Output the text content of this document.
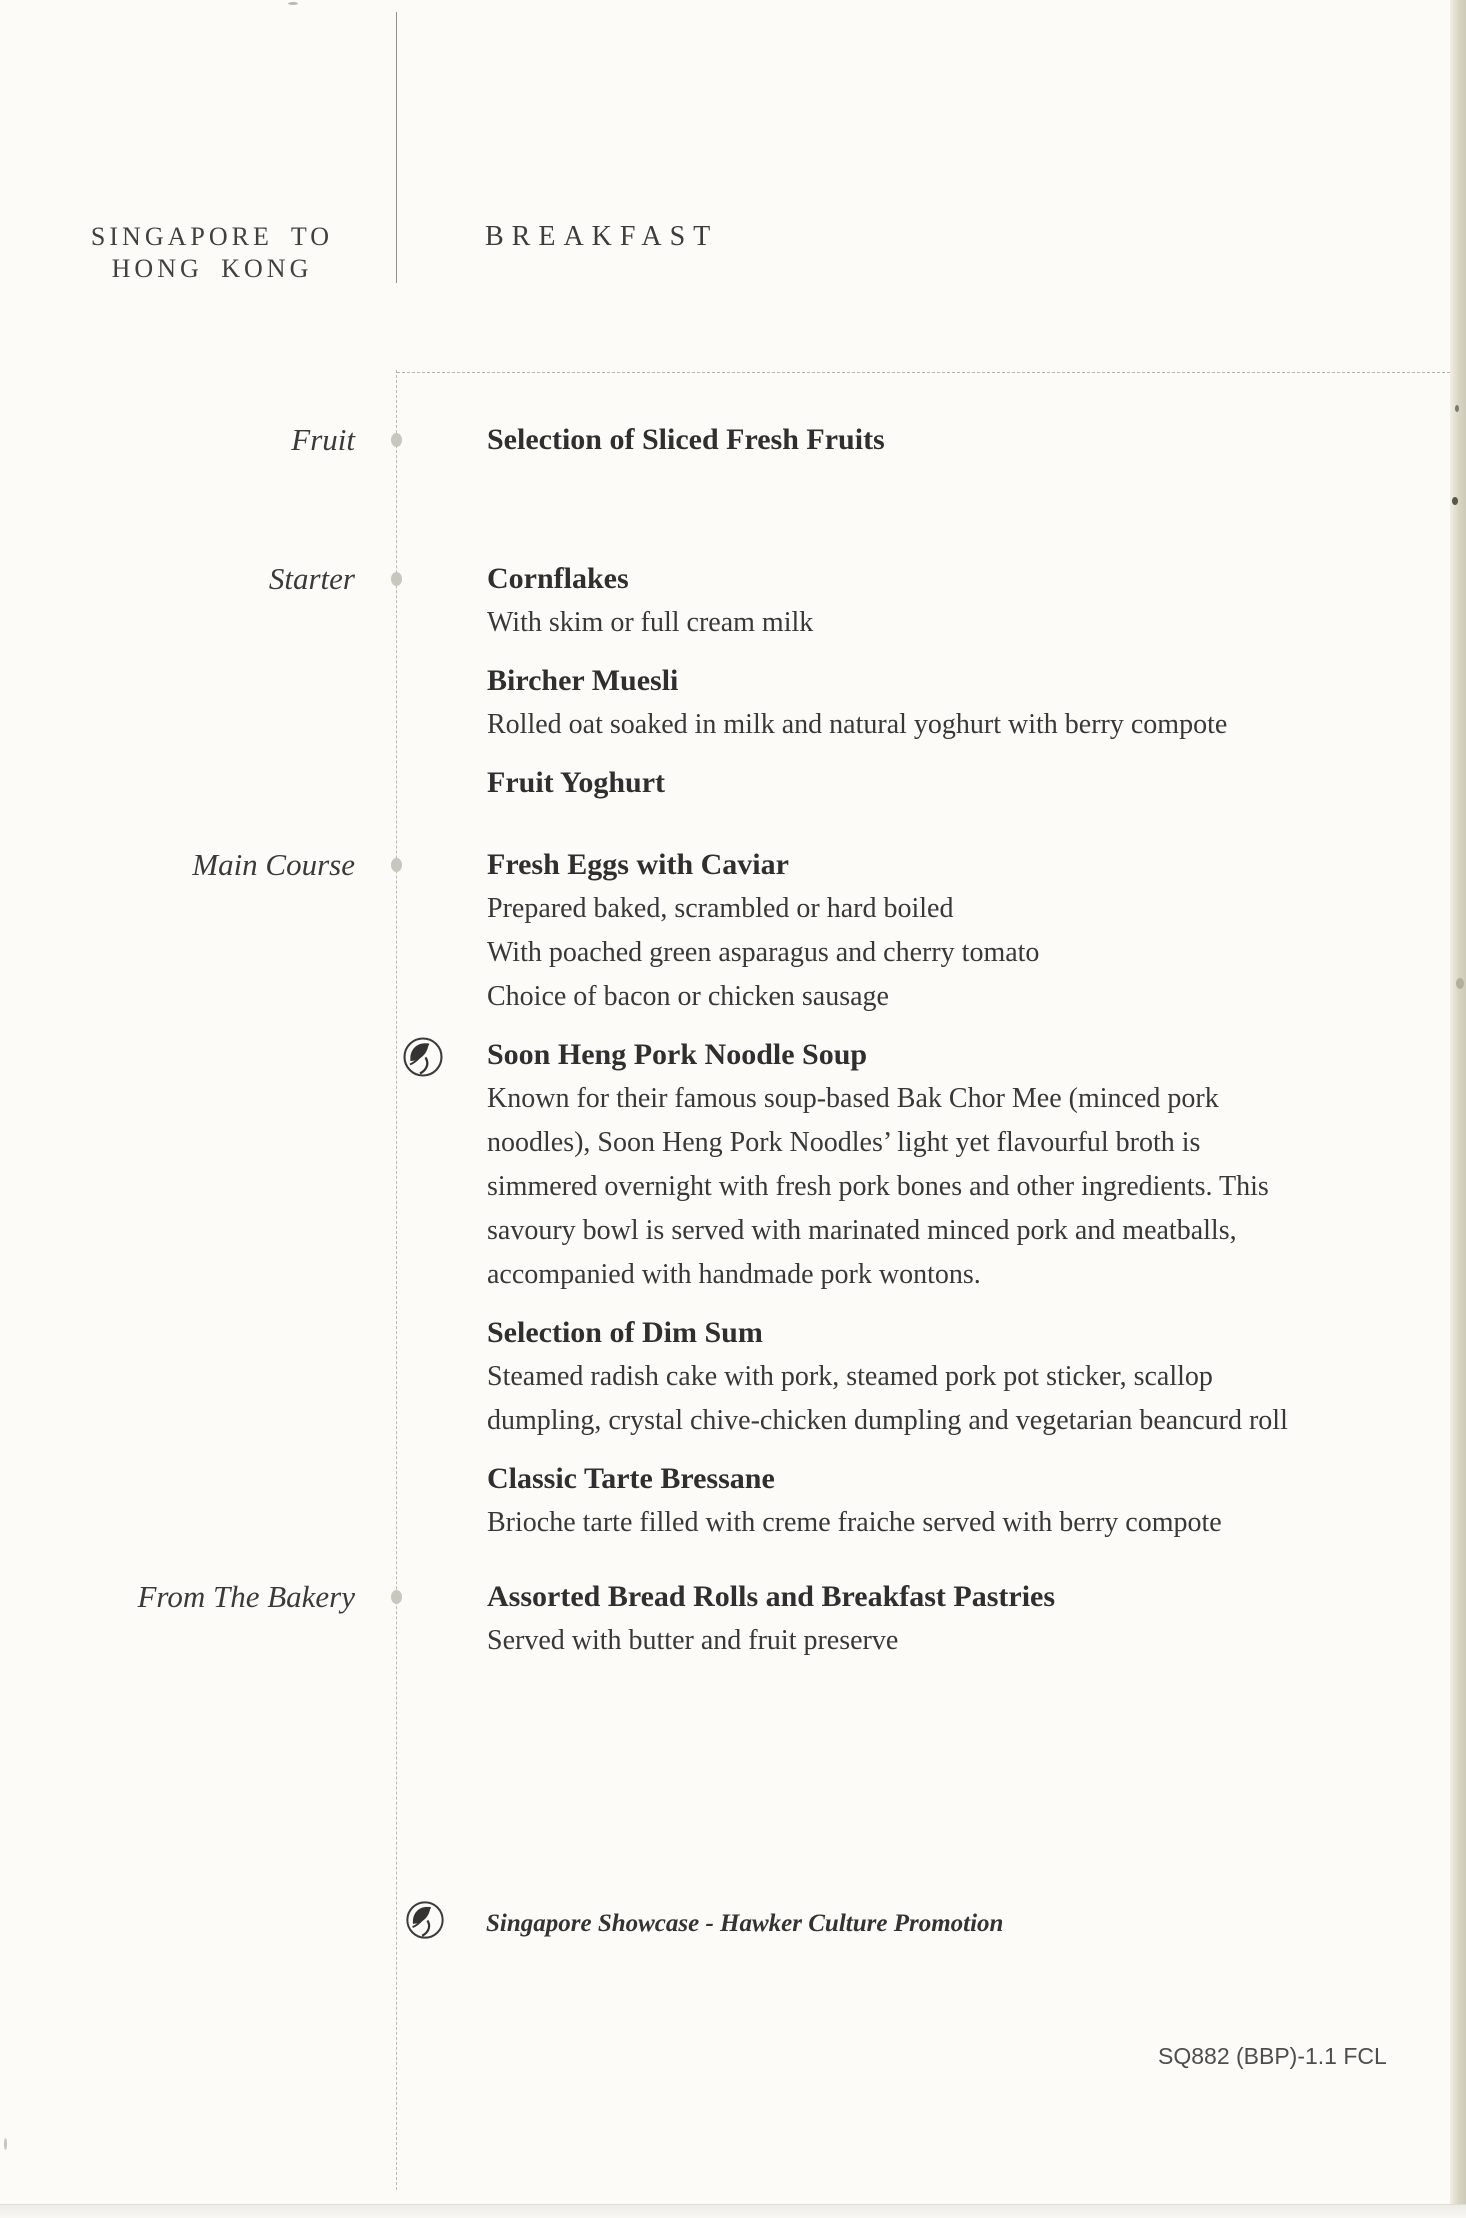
SINGAPORE TO
HONG KONG
BREAKFAST
Fruit	Selection of Sliced Fresh Fruits
Starter	Cornflakes
With skim or full cream milk
Bircher Muesli
Rolled oat soaked in milk and natural yoghurt with berry compote
Fruit Yoghurt
Main Course	Fresh Eggs with Caviar
Prepared baked, scrambled or hard boiled
With poached green asparagus and cherry tomato
Choice of bacon or chicken sausage
Soon Heng Pork Noodle Soup
Known for their famous soup-based Bak Chor Mee (minced pork
noodles), Soon Heng Pork Noodles’ light yet flavourful broth is
simmered overnight with fresh pork bones and other ingredients. This
savoury bowl is served with marinated minced pork and meatballs,
accompanied with handmade pork wontons.
Selection of Dim Sum
Steamed radish cake with pork, steamed pork pot sticker, scallop
dumpling, crystal chive-chicken dumpling and vegetarian beancurd roll
Classic Tarte Bressane
Brioche tarte filled with creme fraiche served with berry compote
From The Bakery	Assorted Bread Rolls and Breakfast Pastries
Served with butter and fruit preserve
Singapore Showcase - Hawker Culture Promotion
SQ882 (BBP)-1.1 FCL
